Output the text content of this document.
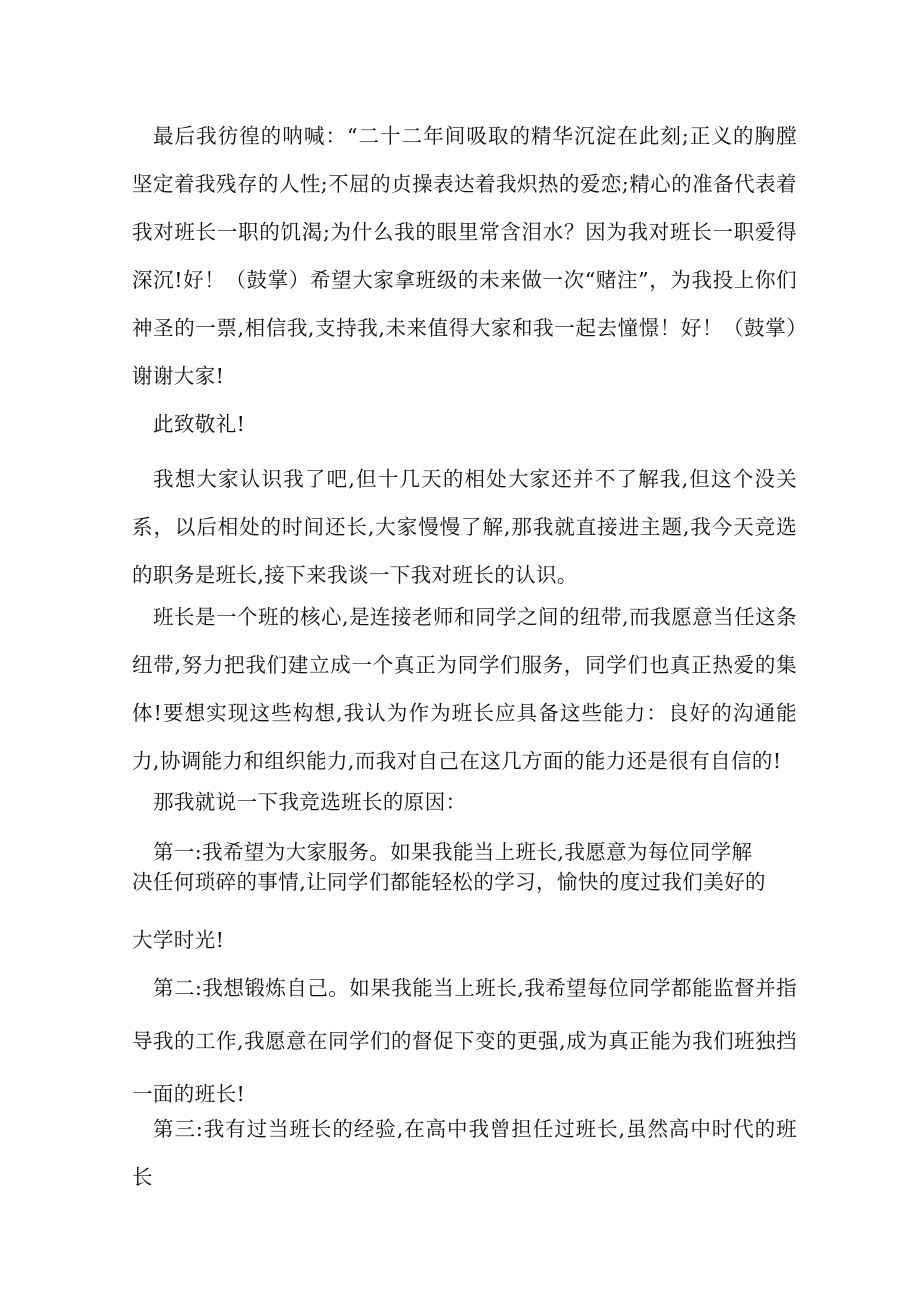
最后我彷徨的呐喊：“二十二年间吸取的精华沉淀在此刻;正义的胸膛坚定着我残存的人性;不屈的贞操表达着我炽热的爱恋;精心的准备代表着我对班长一职的饥渴;为什么我的眼里常含泪水？因为我对班长一职爱得深沉!好！（鼓掌）希望大家拿班级的未来做一次“赌注”，为我投上你们神圣的一票,相信我,支持我,未来值得大家和我一起去憧憬！好！（鼓掌）谢谢大家!

此致敬礼!

我想大家认识我了吧,但十几天的相处大家还并不了解我,但这个没关系，以后相处的时间还长,大家慢慢了解,那我就直接进主题,我今天竞选的职务是班长,接下来我谈一下我对班长的认识。

班长是一个班的核心,是连接老师和同学之间的纽带,而我愿意当任这条纽带,努力把我们建立成一个真正为同学们服务，同学们也真正热爱的集体!要想实现这些构想,我认为作为班长应具备这些能力：良好的沟通能力,协调能力和组织能力,而我对自己在这几方面的能力还是很有自信的!

那我就说一下我竞选班长的原因：

第一:我希望为大家服务。如果我能当上班长,我愿意为每位同学解
决任何琐碎的事情,让同学们都能轻松的学习，愉快的度过我们美好的
大学时光!

第二:我想锻炼自己。如果我能当上班长,我希望每位同学都能监督并指导我的工作,我愿意在同学们的督促下变的更强,成为真正能为我们班独挡一面的班长!

第三:我有过当班长的经验,在高中我曾担任过班长,虽然高中时代的班长
